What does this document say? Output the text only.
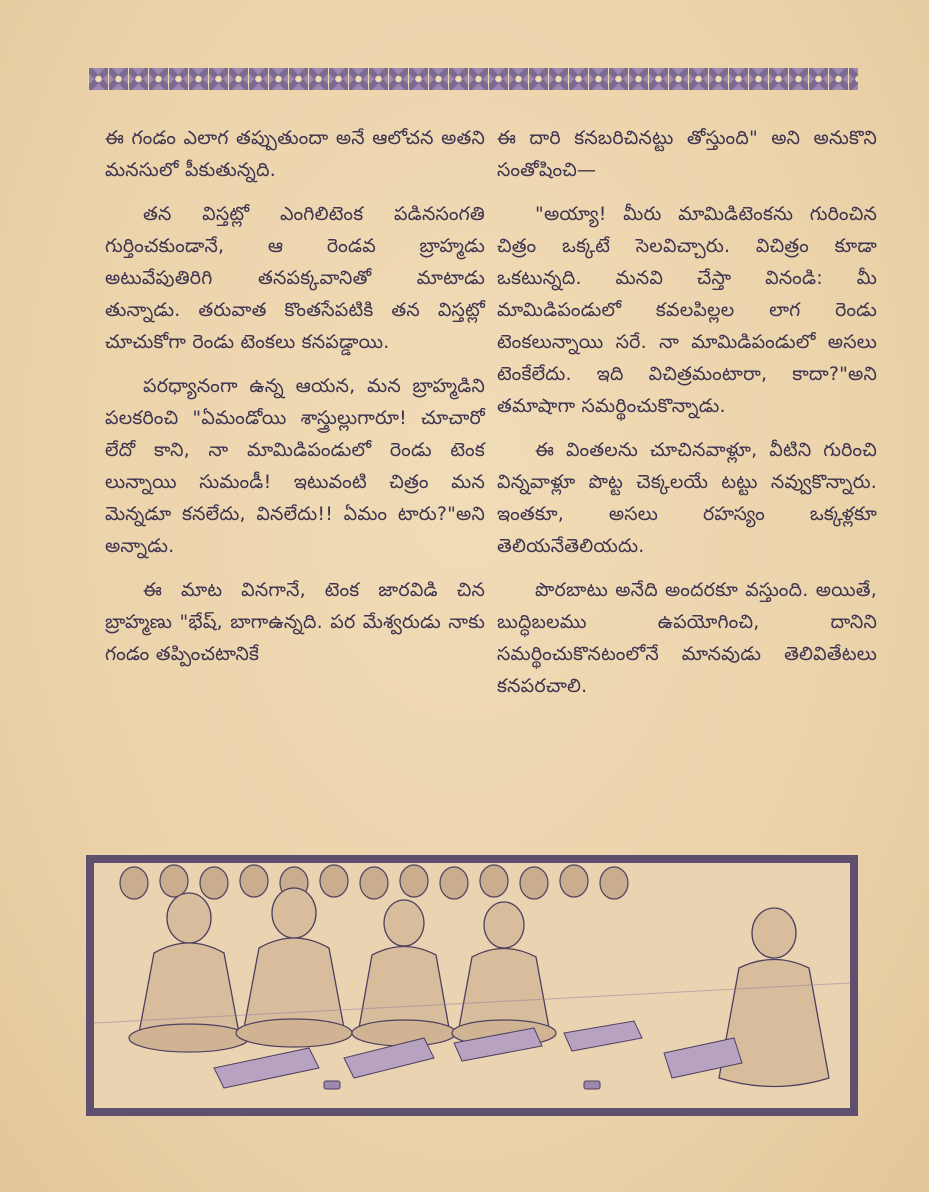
ఈ గండం ఎలాగ తప్పుతుందా అనే ఆలోచన అతని మనసులో పీకుతున్నది.

తన విస్తట్లో ఎంగిలిటెంక పడినసంగతి గుర్తించకుండానే, ఆ రెండవ బ్రాహ్మడు అటువేపుతిరిగి తనపక్కవానితో మాటాడు తున్నాడు. తరువాత కొంతసేపటికి తన విస్తట్లో చూచుకోగా రెండు టెంకలు కనపడ్డాయి.

పరధ్యానంగా ఉన్న ఆయన, మన బ్రాహ్మడిని పలకరించి "ఏమండోయి శాస్త్రుల్లుగారూ! చూచారో లేదో కాని, నా మామిడిపండులో రెండు టెంక లున్నాయి సుమండీ! ఇటువంటి చిత్రం మన మెన్నడూ కనలేదు, వినలేదు!! ఏమం టారు?"అని అన్నాడు.

ఈ మాట వినగానే, టెంక జారవిడి చిన బ్రాహ్మణు "భేష్, బాగాఉన్నది. పర మేశ్వరుడు నాకు గండం తప్పించటానికే

ఈ దారి కనబరిచినట్టు తోస్తుంది" అని అనుకొని సంతోషించి—

"అయ్యా! మీరు మామిడిటెంకను గురించిన చిత్రం ఒక్కటే సెలవిచ్చారు. విచిత్రం కూడా ఒకటున్నది. మనవి చేస్తా వినండి: మీ మామిడిపండులో కవలపిల్లల లాగ రెండు టెంకలున్నాయి సరే. నా మామిడిపండులో అసలు టెంకేలేదు. ఇది విచిత్రమంటారా, కాదా?"అని తమాషాగా సమర్థించుకొన్నాడు.

ఈ వింతలను చూచినవాళ్లూ, వీటిని గురించి విన్నవాళ్లూ పొట్ట చెక్కలయే టట్టు నవ్వుకొన్నారు. ఇంతకూ, అసలు రహస్యం ఒక్కళ్లకూ తెలియనేతెలియదు.

పొరబాటు అనేది అందరకూ వస్తుంది. అయితే, బుద్ధిబలము ఉపయోగించి, దానిని సమర్థించుకొనటంలోనే మానవుడు తెలివితేటలు కనపరచాలి.
